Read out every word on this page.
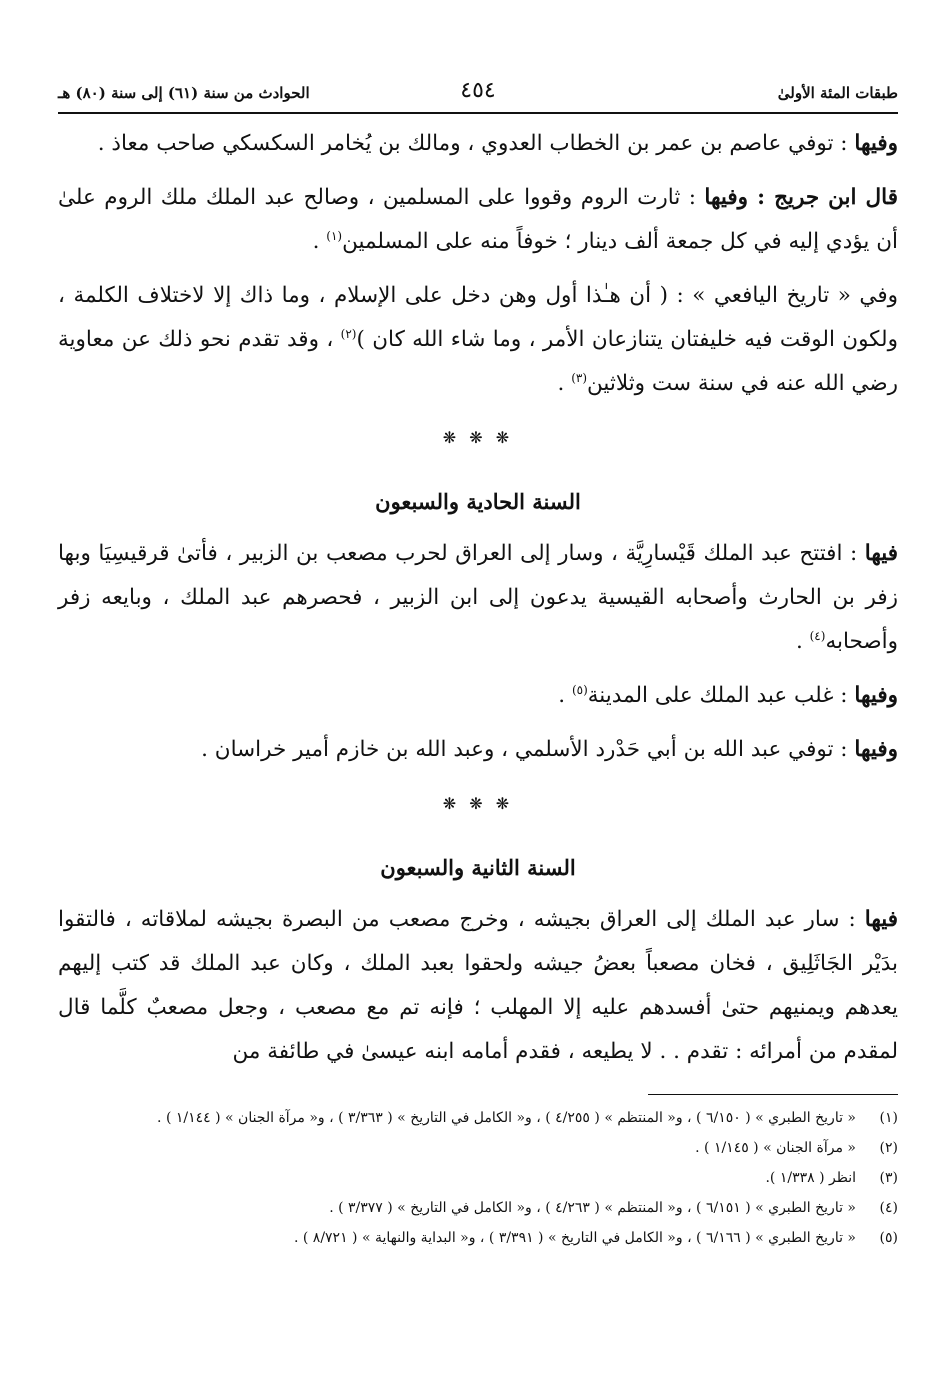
طبقات المئة الأولىٰ
٤٥٤
الحوادث من سنة (٦١) إلى سنة (٨٠) هـ

وفيها : توفي عاصم بن عمر بن الخطاب العدوي ، ومالك بن يُخامر السكسكي صاحب معاذ .

قال ابن جريج : وفيها : ثارت الروم وقووا على المسلمين ، وصالح عبد الملك ملك الروم علىٰ أن يؤدي إليه في كل جمعة ألف دينار ؛ خوفاً منه على المسلمين$^{(١)}$ .

وفي « تاريخ اليافعي » : ( أن هـٰذا أول وهن دخل على الإسلام ، وما ذاك إلا لاختلاف الكلمة ، ولكون الوقت فيه خليفتان يتنازعان الأمر ، وما شاء الله كان )$^{(٢)}$ ، وقد تقدم نحو ذلك عن معاوية رضي الله عنه في سنة ست وثلاثين$^{(٣)}$ .

❋ ❋ ❋
السنة الحادية والسبعون

فيها : افتتح عبد الملك قَيْسارِيَّة ، وسار إلى العراق لحرب مصعب بن الزبير ، فأتىٰ قرقيسِيَا وبها زفر بن الحارث وأصحابه القيسية يدعون إلى ابن الزبير ، فحصرهم عبد الملك ، وبايعه زفر وأصحابه$^{(٤)}$ .

وفيها : غلب عبد الملك على المدينة$^{(٥)}$ .

وفيها : توفي عبد الله بن أبي حَدْرد الأسلمي ، وعبد الله بن خازم أمير خراسان .

❋ ❋ ❋
السنة الثانية والسبعون

فيها : سار عبد الملك إلى العراق بجيشه ، وخرج مصعب من البصرة بجيشه لملاقاته ، فالتقوا بدَيْر الجَاثَلِيق ، فخان مصعباً بعضُ جيشه ولحقوا بعبد الملك ، وكان عبد الملك قد كتب إليهم يعدهم ويمنيهم حتىٰ أفسدهم عليه إلا المهلب ؛ فإنه تم مع مصعب ، وجعل مصعبٌ كلَّما قال لمقدم من أمرائه : تقدم . . لا يطيعه ، فقدم أمامه ابنه عيسىٰ في طائفة من

(١)
« تاريخ الطبري » ( ٦/١٥٠ ) ، و« المنتظم » ( ٤/٢٥٥ ) ، و« الكامل في التاريخ » ( ٣/٣٦٣ ) ، و« مرآة الجنان » ( ١/١٤٤ ) .
(٢)
« مرآة الجنان » ( ١/١٤٥ ) .
(٣)
انظر ( ١/٣٣٨ ).
(٤)
« تاريخ الطبري » ( ٦/١٥١ ) ، و« المنتظم » ( ٤/٢٦٣ ) ، و« الكامل في التاريخ » ( ٣/٣٧٧ ) .
(٥)
« تاريخ الطبري » ( ٦/١٦٦ ) ، و« الكامل في التاريخ » ( ٣/٣٩١ ) ، و« البداية والنهاية » ( ٨/٧٢١ ) .
